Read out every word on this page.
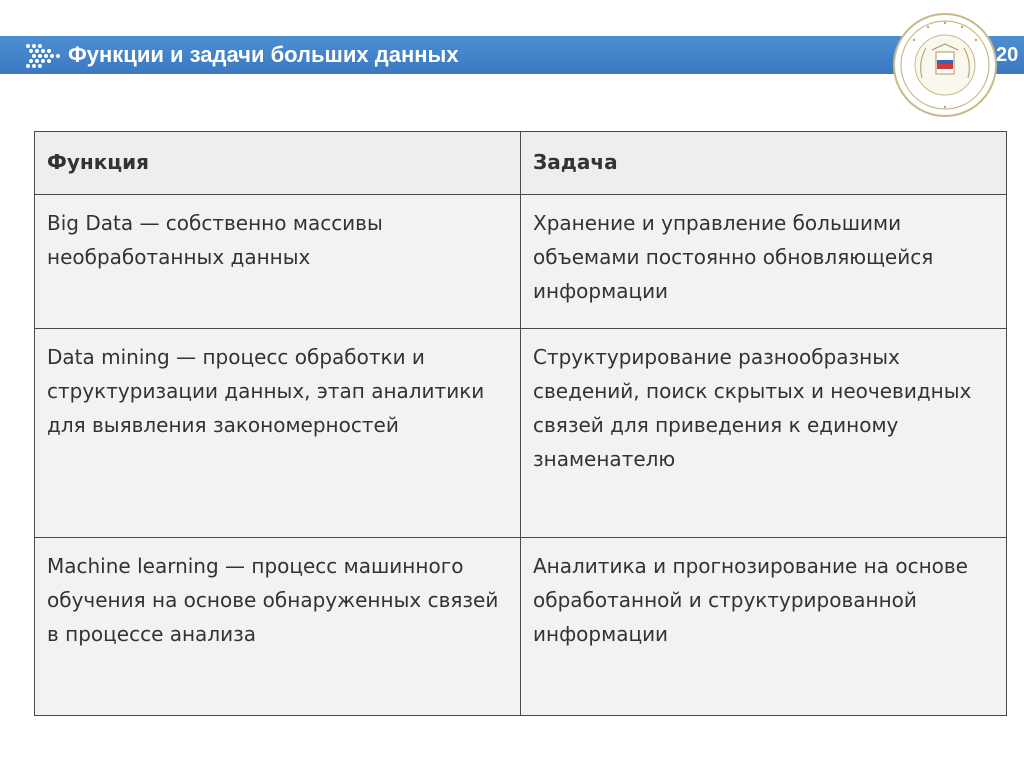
Функции и задачи больших данных	20
Функция	Задача
Big Data — собственно массивы необработанных данных	Хранение и управление большими объемами постоянно обновляющейся информации
Data mining — процесс обработки и структуризации данных, этап аналитики для выявления закономерностей	Структурирование разнообразных сведений, поиск скрытых и неочевидных связей для приведения к единому знаменателю
Machine learning — процесс машинного обучения на основе обнаруженных связей в процессе анализа	Аналитика и прогнозирование на основе обработанной и структурированной информации
